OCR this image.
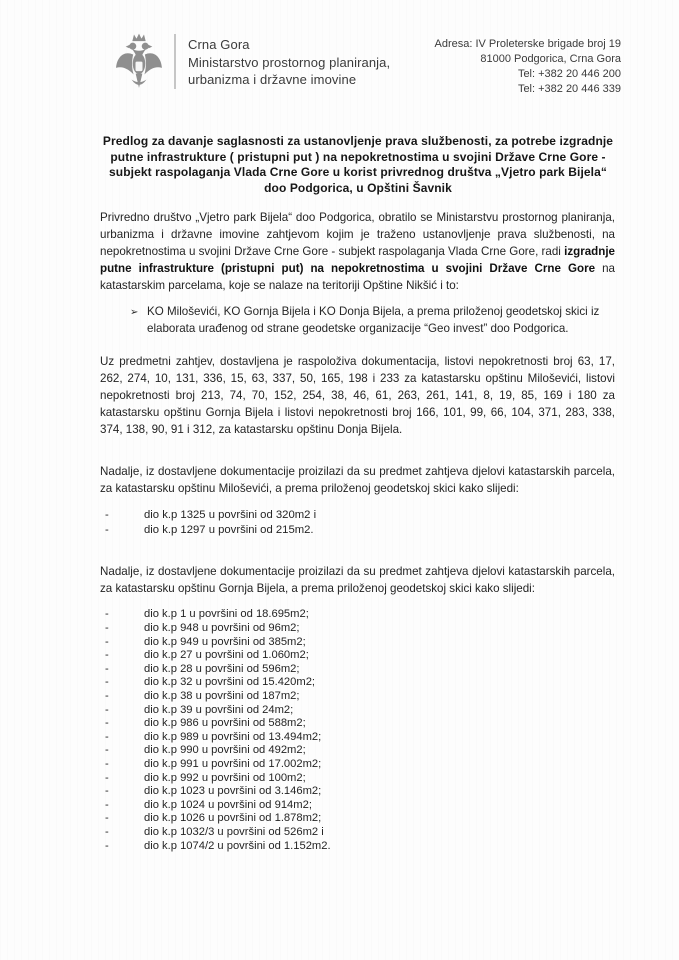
Crna Gora
Ministarstvo prostornog planiranja,
urbanizma i državne imovine
Adresa: IV Proleterske brigade broj 19
81000 Podgorica, Crna Gora
Tel: +382 20 446 200
Tel: +382 20 446 339
Predlog za davanje saglasnosti za ustanovljenje prava službenosti, za potrebe izgradnje putne infrastrukture ( pristupni put ) na nepokretnostima u svojini Države Crne Gore - subjekt raspolaganja Vlada Crne Gore u korist privrednog društva „Vjetro park Bijela“ doo Podgorica, u Opštini Šavnik

Privredno društvo „Vjetro park Bijela“ doo Podgorica, obratilo se Ministarstvu prostornog planiranja, urbanizma i državne imovine zahtjevom kojim je traženo ustanovljenje prava službenosti, na nepokretnostima u svojini Države Crne Gore - subjekt raspolaganja Vlada Crne Gore, radi izgradnje putne infrastrukture (pristupni put) na nepokretnostima u svojini Države Crne Gore na katastarskim parcelama, koje se nalaze na teritoriji Opštine Nikšić i to:

➢ KO Miloševići, KO Gornja Bijela i KO Donja Bijela, a prema priloženoj geodetskoj skici iz elaborata urađenog od strane geodetske organizacije “Geo invest” doo Podgorica.

Uz predmetni zahtjev, dostavljena je raspoloživa dokumentacija, listovi nepokretnosti broj 63, 17, 262, 274, 10, 131, 336, 15, 63, 337, 50, 165, 198 i 233 za katastarsku opštinu Miloševići, listovi nepokretnosti broj 213, 74, 70, 152, 254, 38, 46, 61, 263, 261, 141, 8, 19, 85, 169 i 180 za katastarsku opštinu Gornja Bijela i listovi nepokretnosti broj 166, 101, 99, 66, 104, 371, 283, 338, 374, 138, 90, 91 i 312, za katastarsku opštinu Donja Bijela.

Nadalje, iz dostavljene dokumentacije proizilazi da su predmet zahtjeva djelovi katastarskih parcela, za katastarsku opštinu Miloševići, a prema priloženoj geodetskoj skici kako slijedi:

-	dio k.p 1325 u površini od 320m2 i
-	dio k.p 1297 u površini od 215m2.

Nadalje, iz dostavljene dokumentacije proizilazi da su predmet zahtjeva djelovi katastarskih parcela, za katastarsku opštinu Gornja Bijela, a prema priloženoj geodetskoj skici kako slijedi:

-	dio k.p 1 u površini od 18.695m2;
-	dio k.p 948 u površini od 96m2;
-	dio k.p 949 u površini od 385m2;
-	dio k.p 27 u površini od 1.060m2;
-	dio k.p 28 u površini od 596m2;
-	dio k.p 32 u površini od 15.420m2;
-	dio k.p 38 u površini od 187m2;
-	dio k.p 39 u površini od 24m2;
-	dio k.p 986 u površini od 588m2;
-	dio k.p 989 u površini od 13.494m2;
-	dio k.p 990 u površini od 492m2;
-	dio k.p 991 u površini od 17.002m2;
-	dio k.p 992 u površini od 100m2;
-	dio k.p 1023 u površini od 3.146m2;
-	dio k.p 1024 u površini od 914m2;
-	dio k.p 1026 u površini od 1.878m2;
-	dio k.p 1032/3 u površini od 526m2 i
-	dio k.p 1074/2 u površini od 1.152m2.
